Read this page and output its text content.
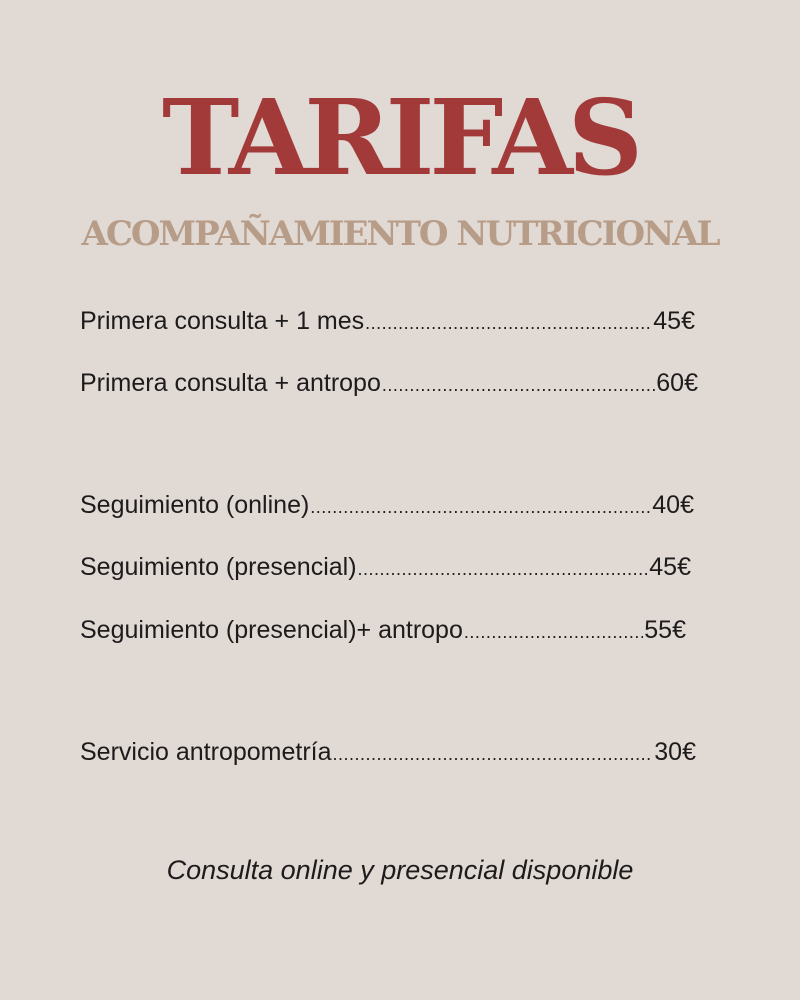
TARIFAS
ACOMPAÑAMIENTO NUTRICIONAL
Primera consulta + 1 mes .....	45€
Primera consulta + antropo .....	60€
Seguimiento (online) .....	40€
Seguimiento (presencial) .....	45€
Seguimiento (presencial)+ antropo .....	55€
Servicio antropometría .....	30€

Consulta online y presencial disponible
